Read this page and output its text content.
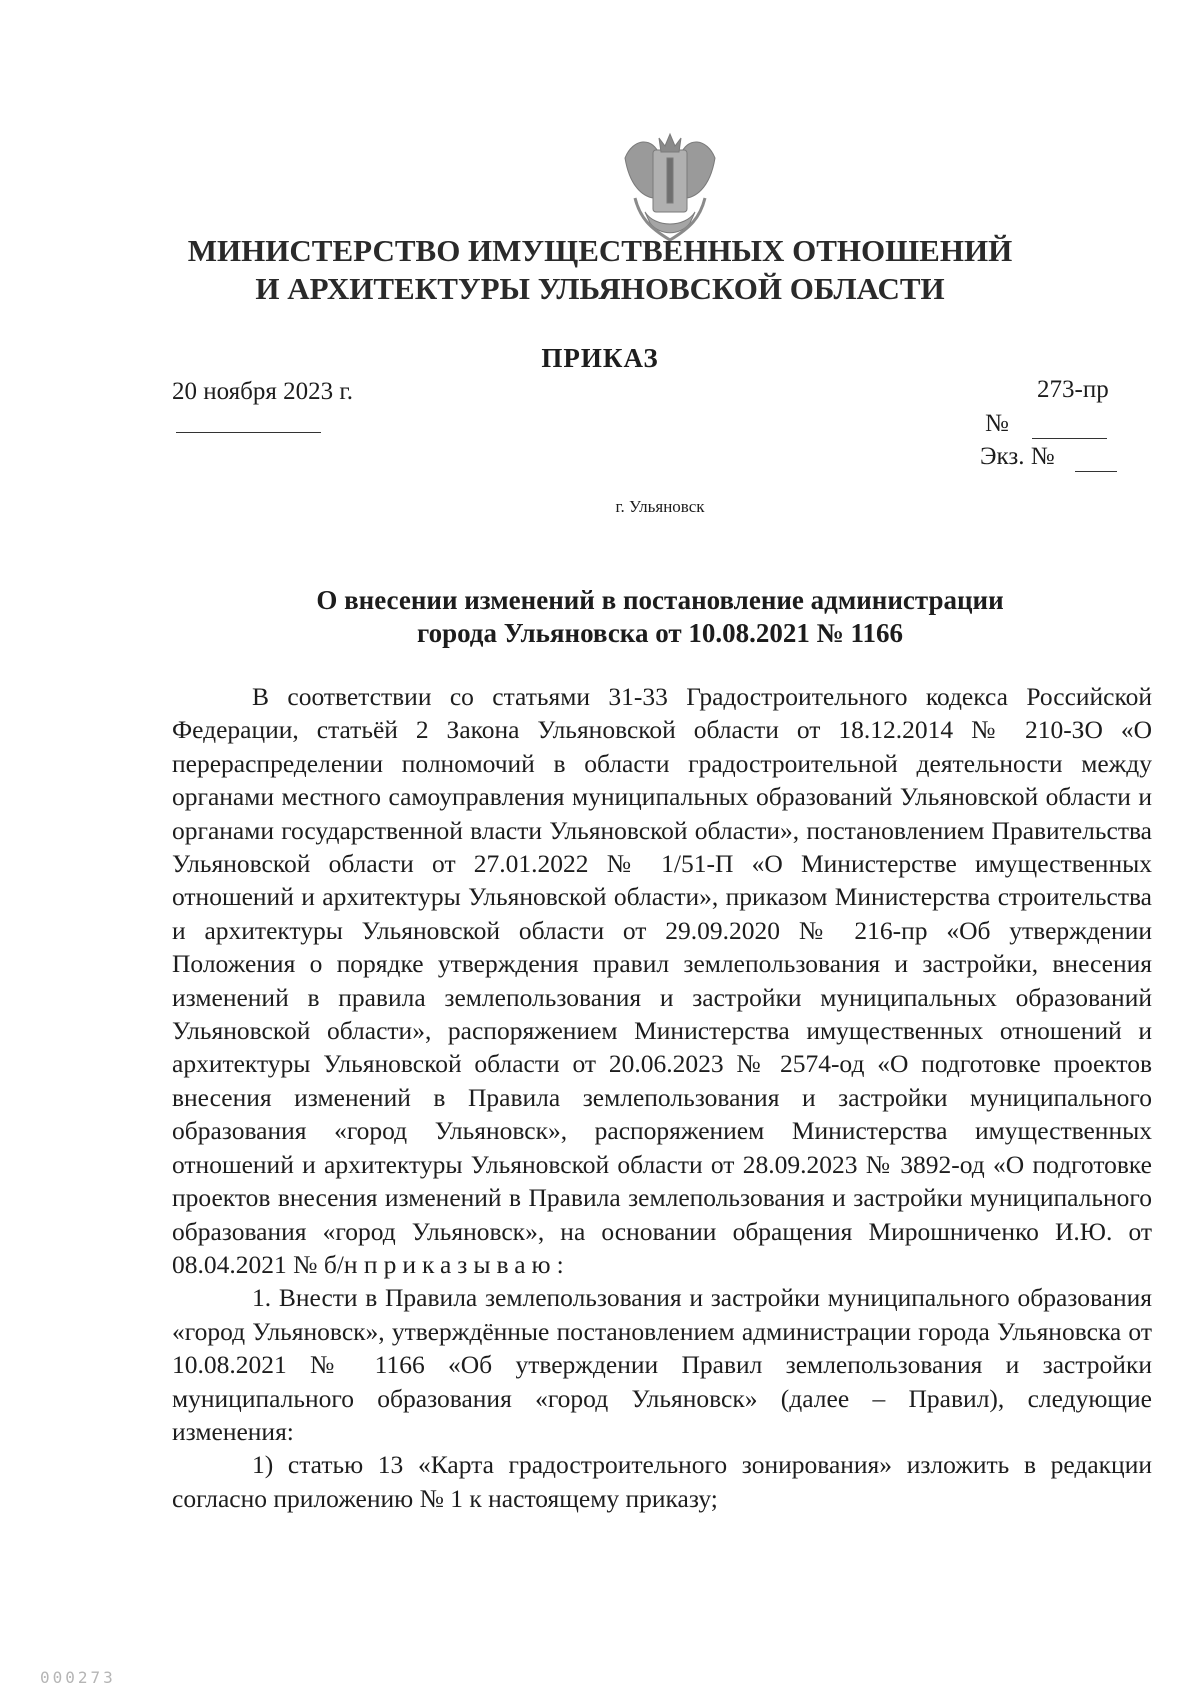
МИНИСТЕРСТВО ИМУЩЕСТВЕННЫХ ОТНОШЕНИЙ
И АРХИТЕКТУРЫ УЛЬЯНОВСКОЙ ОБЛАСТИ
ПРИКАЗ
20 ноября 2023 г.	273-пр
№
Экз. №
г. Ульяновск
О внесении изменений в постановление администрации
города Ульяновска от 10.08.2021 № 1166

В соответствии со статьями 31-33 Градостроительного кодекса Российской Федерации, статьёй 2 Закона Ульяновской области от 18.12.2014 № 210-ЗО «О перераспределении полномочий в области градостроительной деятельности между органами местного самоуправления муниципальных образований Ульяновской области и органами государственной власти Ульяновской области», постановлением Правительства Ульяновской области от 27.01.2022 № 1/51-П «О Министерстве имущественных отношений и архитектуры Ульяновской области», приказом Министерства строительства и архитектуры Ульяновской области от 29.09.2020 № 216-пр «Об утверждении Положения о порядке утверждения правил землепользования и застройки, внесения изменений в правила землепользования и застройки муниципальных образований Ульяновской области», распоряжением Министерства имущественных отношений и архитектуры Ульяновской области от 20.06.2023 № 2574-од «О подготовке проектов внесения изменений в Правила землепользования и застройки муниципального образования «город Ульяновск», распоряжением Министерства имущественных отношений и архитектуры Ульяновской области от 28.09.2023 № 3892-од «О подготовке проектов внесения изменений в Правила землепользования и застройки муниципального образования «город Ульяновск», на основании обращения Мирошниченко И.Ю. от 08.04.2021 № б/н приказываю:

1. Внести в Правила землепользования и застройки муниципального образования «город Ульяновск», утверждённые постановлением администрации города Ульяновска от 10.08.2021 № 1166 «Об утверждении Правил землепользования и застройки муниципального образования «город Ульяновск» (далее – Правил), следующие изменения:

1) статью 13 «Карта градостроительного зонирования» изложить в редакции согласно приложению № 1 к настоящему приказу;

000273
